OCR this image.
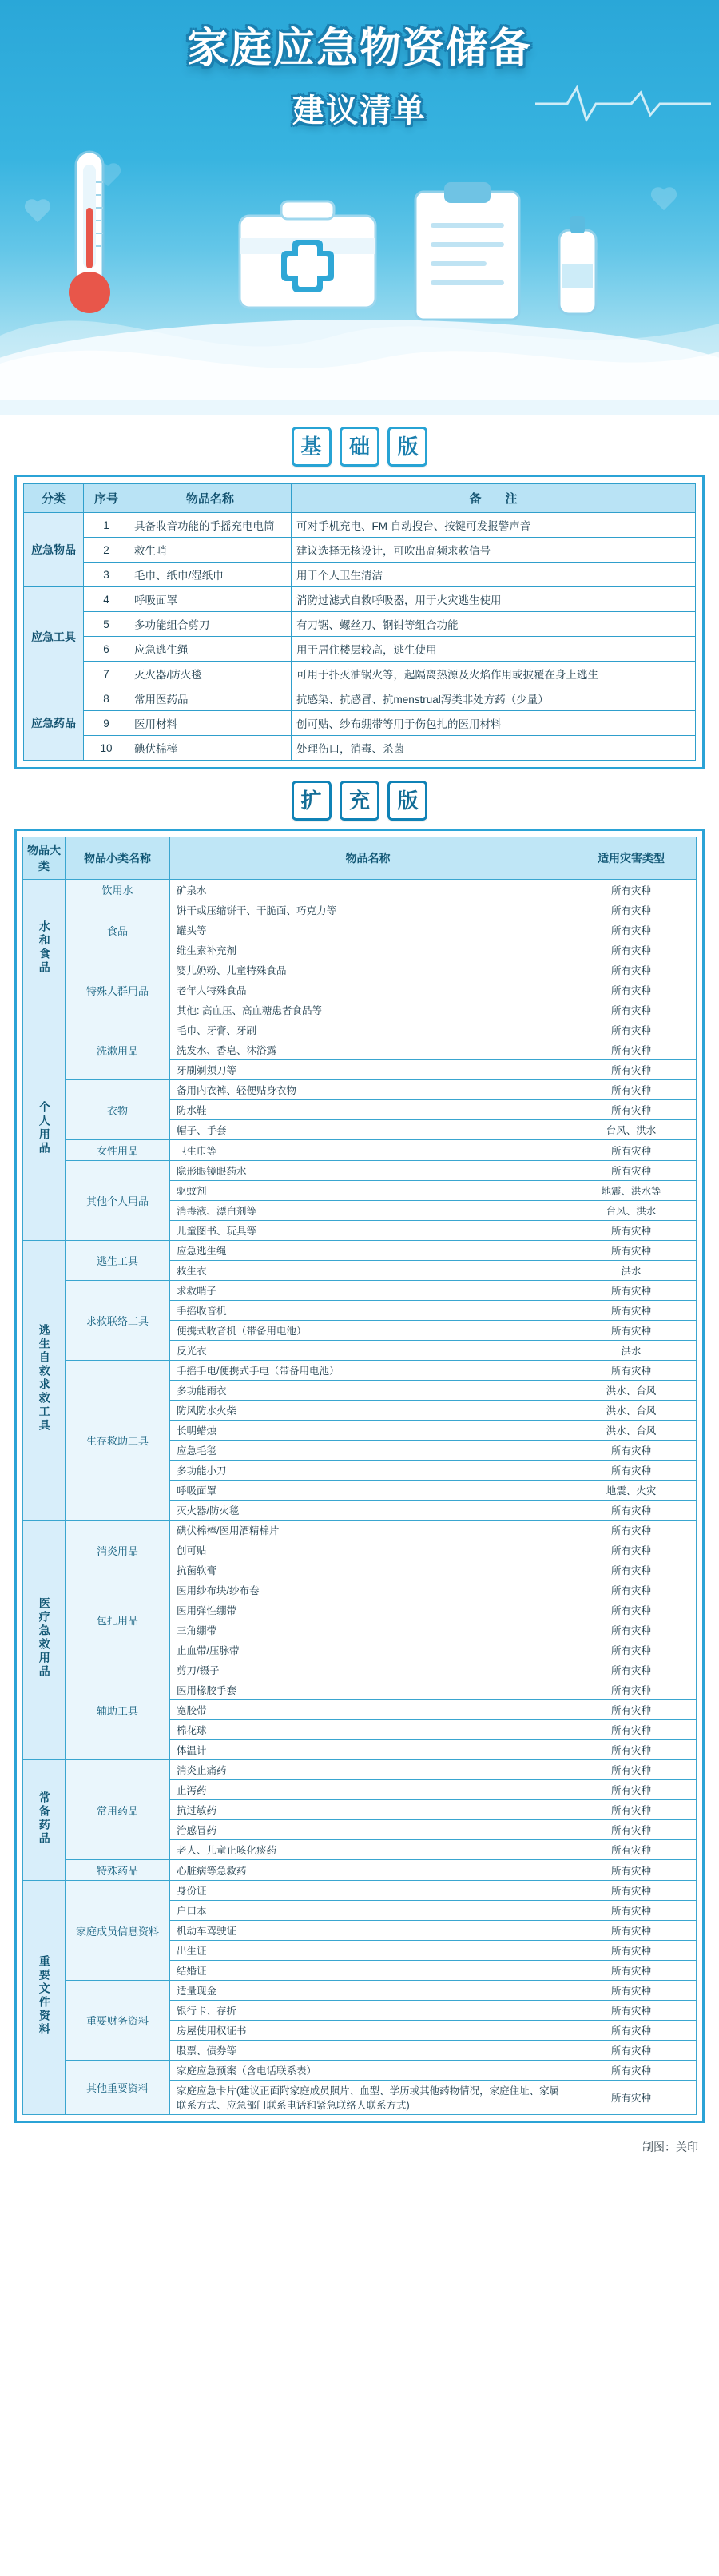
家庭应急物资储备
建议清单
基 础 版
分类	序号	物品名称	备　　注
应急物品	1	具备收音功能的手摇充电电筒	可对手机充电、FM 自动搜台、按键可发报警声音
	2	救生哨	建议选择无核设计，可吹出高频求救信号
	3	毛巾、纸巾/湿纸巾	用于个人卫生清洁
应急工具	4	呼吸面罩	消防过滤式自救呼吸器，用于火灾逃生使用
	5	多功能组合剪刀	有刀锯、螺丝刀、钢钳等组合功能
	6	应急逃生绳	用于居住楼层较高，逃生使用
	7	灭火器/防火毯	可用于扑灭油锅火等，起隔离热源及火焰作用或披覆在身上逃生
应急药品	8	常用医药品	抗感染、抗感冒、抗menstrual泻类非处方药（少量）
	9	医用材料	创可贴、纱布绷带等用于伤包扎的医用材料
	10	碘伏棉棒	处理伤口，消毒、杀菌
扩 充 版
物品大类	物品小类名称	物品名称	适用灾害类型
水和食品	饮用水	矿泉水	所有灾种
	食品	饼干或压缩饼干、干脆面、巧克力等	所有灾种
		罐头等	所有灾种
		维生素补充剂	所有灾种
	特殊人群用品	婴儿奶粉、儿童特殊食品	所有灾种
		老年人特殊食品	所有灾种
		其他: 高血压、高血糖患者食品等	所有灾种
个人用品	洗漱用品	毛巾、牙膏、牙刷	所有灾种
		洗发水、香皂、沐浴露	所有灾种
		牙刷剃须刀等	所有灾种
	衣物	备用内衣裤、轻便贴身衣物	所有灾种
		防水鞋	所有灾种
		帽子、手套	台风、洪水
	女性用品	卫生巾等	所有灾种
	其他个人用品	隐形眼镜眼药水	所有灾种
		驱蚊剂	地震、洪水等
		消毒液、漂白剂等	台风、洪水
		儿童图书、玩具等	所有灾种
逃生自救求救工具	逃生工具	应急逃生绳	所有灾种
		救生衣	洪水
	求救联络工具	求救哨子	所有灾种
		手摇收音机	所有灾种
		便携式收音机（带备用电池）	所有灾种
		反光衣	洪水
	生存救助工具	手摇手电/便携式手电（带备用电池）	所有灾种
		多功能雨衣	洪水、台风
		防风防水火柴	洪水、台风
		长明蜡烛	洪水、台风
		应急毛毯	所有灾种
		多功能小刀	所有灾种
		呼吸面罩	地震、火灾
		灭火器/防火毯	所有灾种
医疗急救用品	消炎用品	碘伏棉棒/医用酒精棉片	所有灾种
		创可贴	所有灾种
		抗菌软膏	所有灾种
	包扎用品	医用纱布块/纱布卷	所有灾种
		医用弹性绷带	所有灾种
		三角绷带	所有灾种
		止血带/压脉带	所有灾种
	辅助工具	剪刀/镊子	所有灾种
		医用橡胶手套	所有灾种
		宽胶带	所有灾种
		棉花球	所有灾种
		体温计	所有灾种
常备药品	常用药品	消炎止痛药	所有灾种
		止泻药	所有灾种
		抗过敏药	所有灾种
		治感冒药	所有灾种
		老人、儿童止咳化痰药	所有灾种
	特殊药品	心脏病等急救药	所有灾种
重要文件资料	家庭成员信息资料	身份证	所有灾种
		户口本	所有灾种
		机动车驾驶证	所有灾种
		出生证	所有灾种
		结婚证	所有灾种
	重要财务资料	适量现金	所有灾种
		银行卡、存折	所有灾种
		房屋使用权证书	所有灾种
		股票、债券等	所有灾种
	其他重要资料	家庭应急预案（含电话联系表）	所有灾种
		家庭应急卡片(建议正面附家庭成员照片、血型、学历或其他药物情况，家庭住址、家属联系方式、应急部门联系电话和紧急联络人联系方式)	所有灾种
制图：关印
